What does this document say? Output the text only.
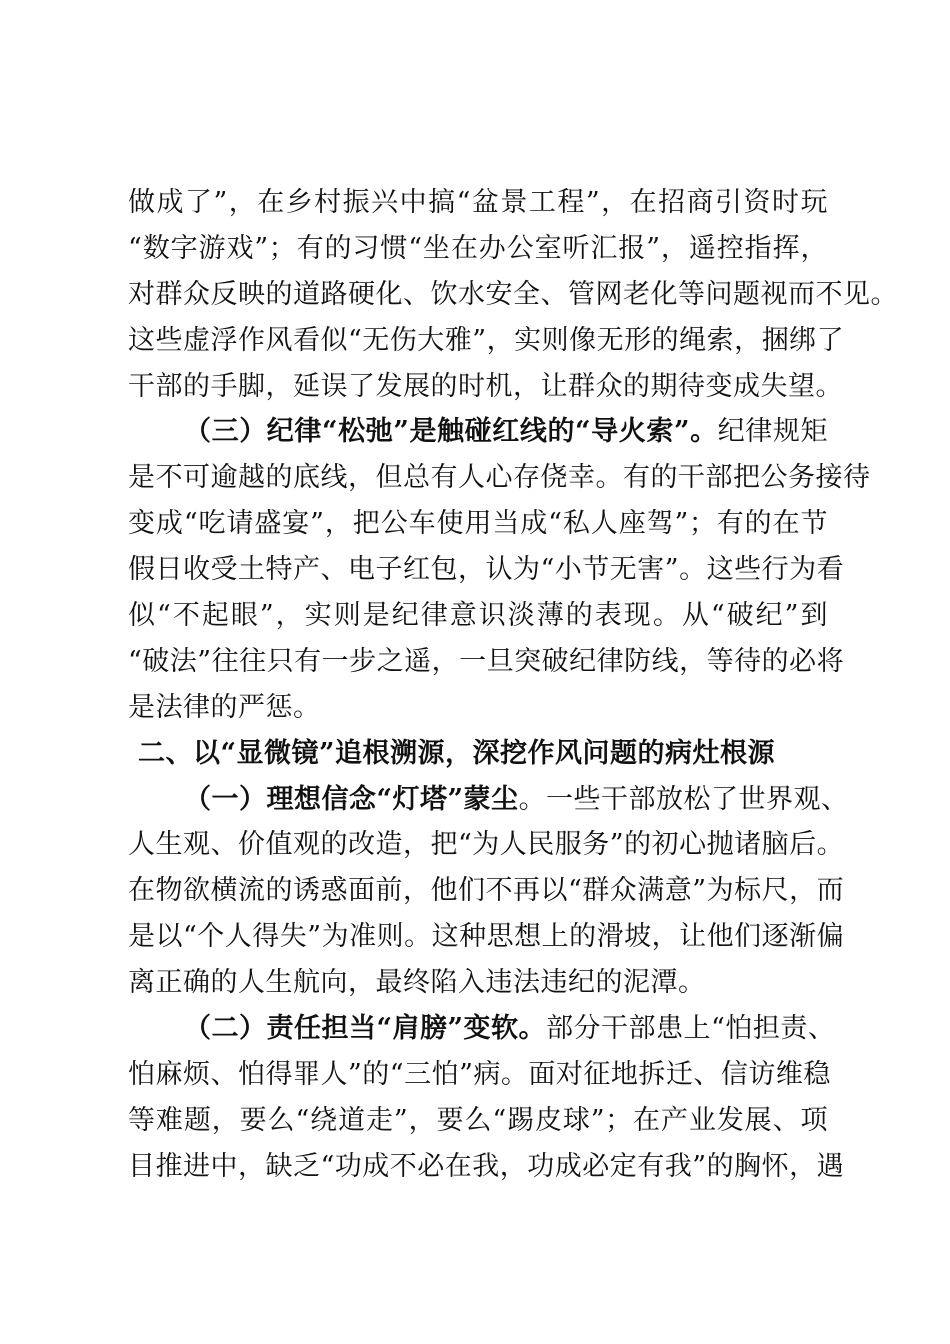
做成了”，在乡村振兴中搞“盆景工程”，在招商引资时玩
“数字游戏”；有的习惯“坐在办公室听汇报”，遥控指挥，
对群众反映的道路硬化、饮水安全、管网老化等问题视而不见。
这些虚浮作风看似“无伤大雅”，实则像无形的绳索，捆绑了
干部的手脚，延误了发展的时机，让群众的期待变成失望。
（三）纪律“松弛”是触碰红线的“导火索”。纪律规矩
是不可逾越的底线，但总有人心存侥幸。有的干部把公务接待
变成“吃请盛宴”，把公车使用当成“私人座驾”；有的在节
假日收受土特产、电子红包，认为“小节无害”。这些行为看
似“不起眼”，实则是纪律意识淡薄的表现。从“破纪”到
“破法”往往只有一步之遥，一旦突破纪律防线，等待的必将
是法律的严惩。
二、以“显微镜”追根溯源，深挖作风问题的病灶根源
（一）理想信念“灯塔”蒙尘。一些干部放松了世界观、
人生观、价值观的改造，把“为人民服务”的初心抛诸脑后。
在物欲横流的诱惑面前，他们不再以“群众满意”为标尺，而
是以“个人得失”为准则。这种思想上的滑坡，让他们逐渐偏
离正确的人生航向，最终陷入违法违纪的泥潭。
（二）责任担当“肩膀”变软。部分干部患上“怕担责、
怕麻烦、怕得罪人”的“三怕”病。面对征地拆迁、信访维稳
等难题，要么“绕道走”，要么“踢皮球”；在产业发展、项
目推进中，缺乏“功成不必在我，功成必定有我”的胸怀，遇
